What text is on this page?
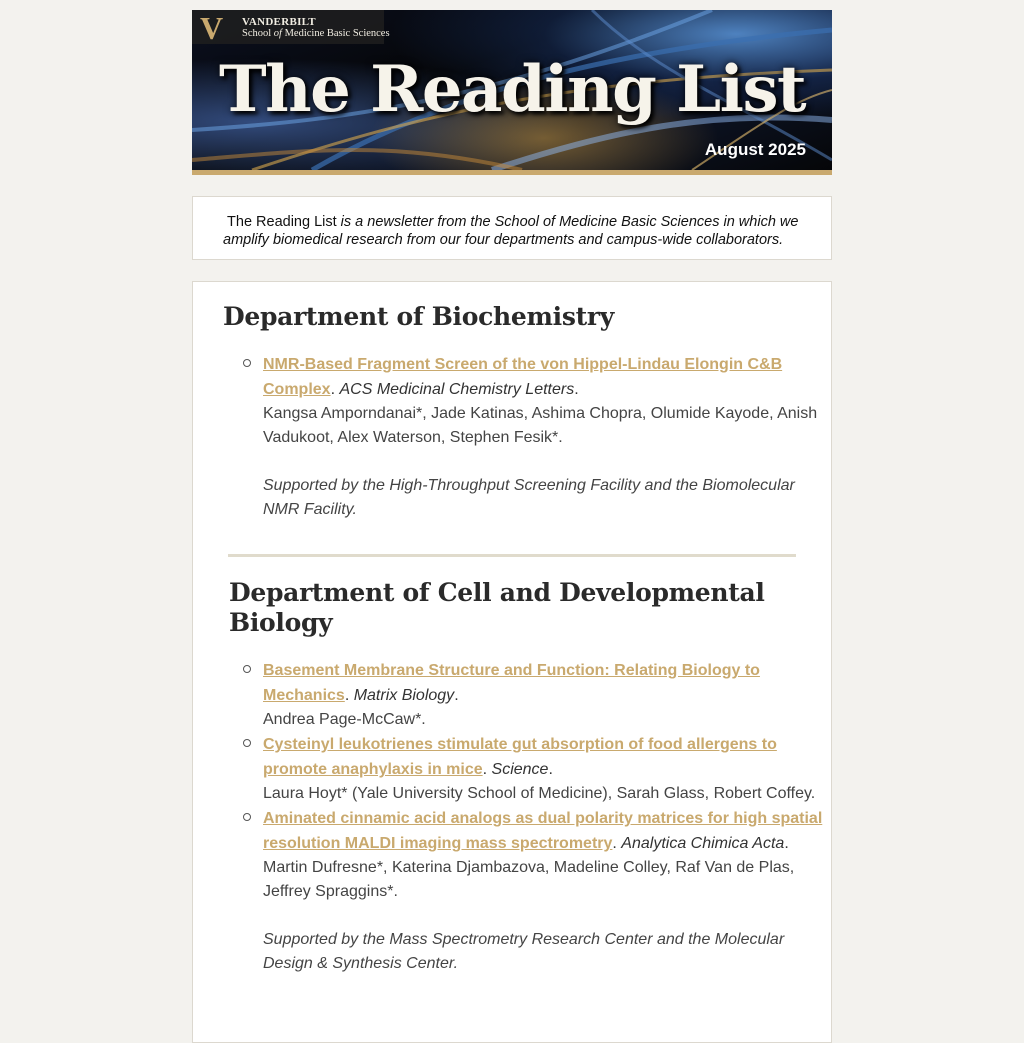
V VANDERBILT
School of Medicine Basic Sciences
The Reading List
August 2025
The Reading List is a newsletter from the School of Medicine Basic Sciences in which we amplify biomedical research from our four departments and campus-wide collaborators.
Department of Biochemistry
NMR-Based Fragment Screen of the von Hippel-Lindau Elongin C&B Complex. ACS Medicinal Chemistry Letters.
Kangsa Amporndanai*, Jade Katinas, Ashima Chopra, Olumide Kayode, Anish Vadukoot, Alex Waterson, Stephen Fesik*.
Supported by the High-Throughput Screening Facility and the Biomolecular NMR Facility.
Department of Cell and Developmental Biology
Basement Membrane Structure and Function: Relating Biology to Mechanics. Matrix Biology.
Andrea Page-McCaw*.
Cysteinyl leukotrienes stimulate gut absorption of food allergens to promote anaphylaxis in mice. Science.
Laura Hoyt* (Yale University School of Medicine), Sarah Glass, Robert Coffey.
Aminated cinnamic acid analogs as dual polarity matrices for high spatial resolution MALDI imaging mass spectrometry. Analytica Chimica Acta.
Martin Dufresne*, Katerina Djambazova, Madeline Colley, Raf Van de Plas, Jeffrey Spraggins*.
Supported by the Mass Spectrometry Research Center and the Molecular Design & Synthesis Center.
